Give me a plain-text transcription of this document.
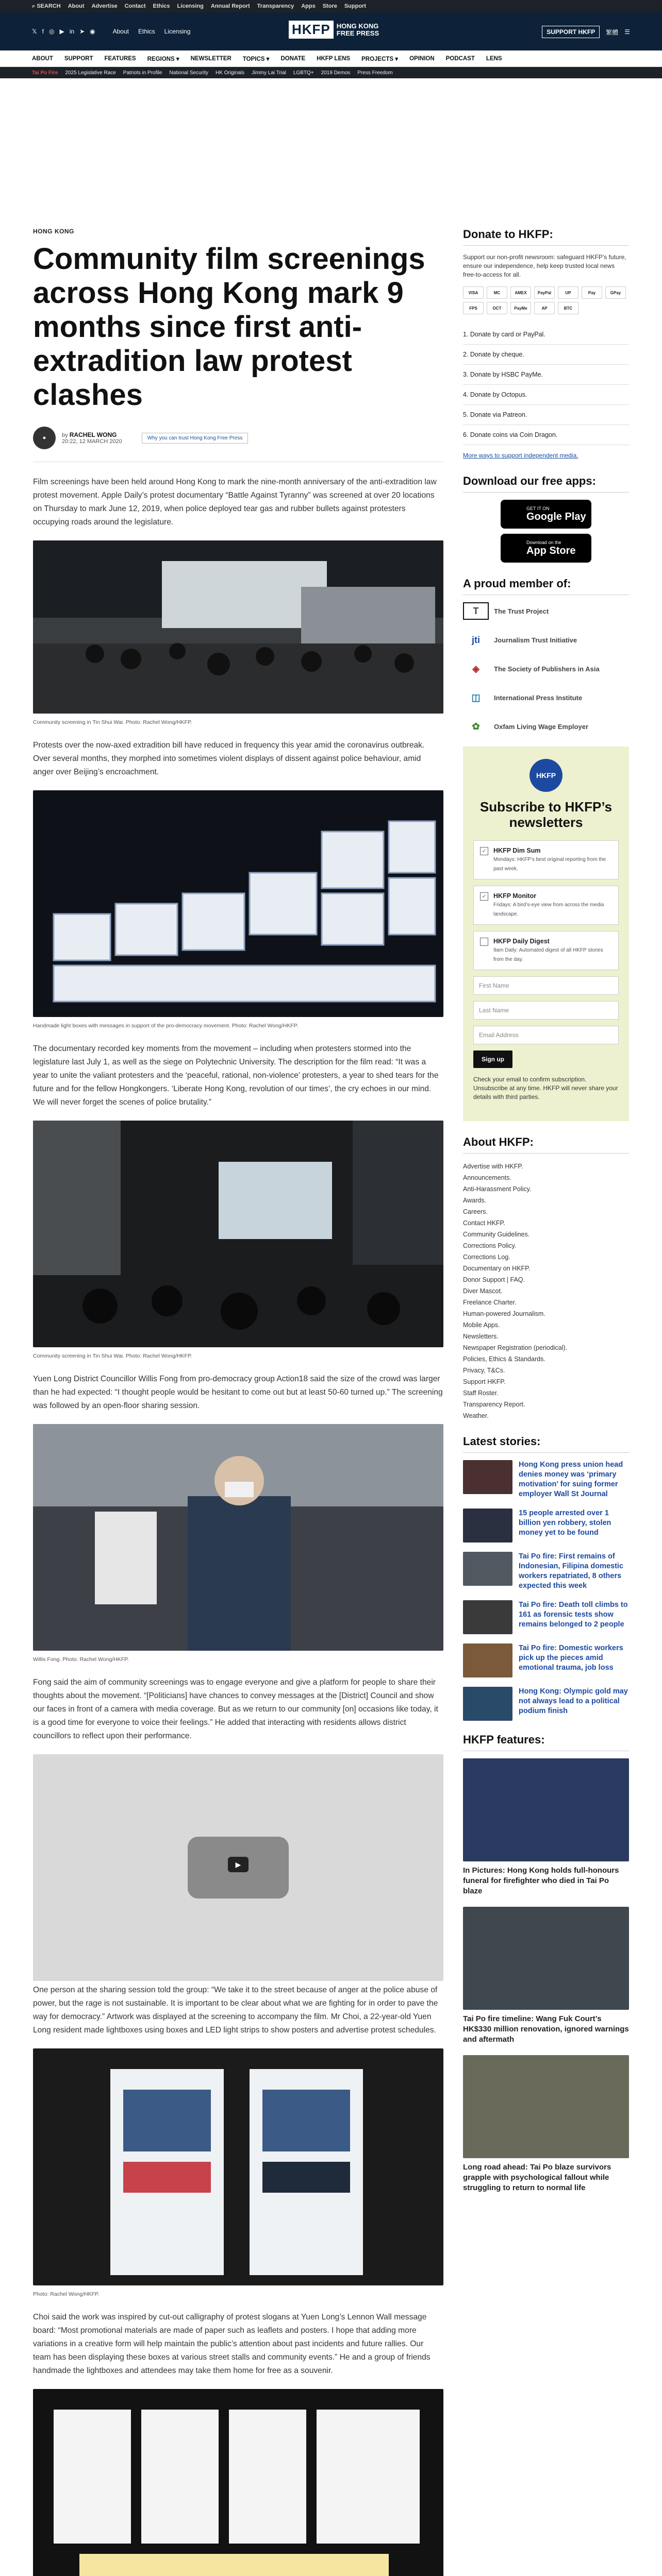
⌕ SEARCH About Advertise Contact Ethics Licensing Annual Report Transparency Apps Store Support
𝕏 f ◎ ▶ in ➤ ◉	About Ethics Licensing	HKFP HONG KONG
FREE PRESS	SUPPORT HKFP	繁體 ☰
ABOUT SUPPORT FEATURES REGIONS ▾ NEWSLETTER TOPICS ▾ DONATE HKFP LENS PROJECTS ▾ OPINION PODCAST LENS
Tai Po Fire 2025 Legislative Race Patriots in Profile National Security HK Originals Jimmy Lai Trial LGBTQ+ 2019 Demos Press Freedom
HONG KONG
Community film screenings across Hong Kong mark 9 months since first anti-extradition law protest clashes
●	by RACHEL WONG
20:22, 12 MARCH 2020
Why you can trust Hong Kong Free Press

Film screenings have been held around Hong Kong to mark the nine-month anniversary of the anti-extradition law protest movement. Apple Daily’s protest documentary “Battle Against Tyranny” was screened at over 20 locations on Thursday to mark June 12, 2019, when police deployed tear gas and rubber bullets against protesters occupying roads around the legislature.

Community screening in Tin Shui Wai. Photo: Rachel Wong/HKFP.

Protests over the now-axed extradition bill have reduced in frequency this year amid the coronavirus outbreak. Over several months, they morphed into sometimes violent displays of dissent against police behaviour, amid anger over Beijing’s encroachment.

Handmade light boxes with messages in support of the pro-democracy movement. Photo: Rachel Wong/HKFP.

The documentary recorded key moments from the movement – including when protesters stormed into the legislature last July 1, as well as the siege on Polytechnic University. The description for the film read: “It was a year to unite the valiant protesters and the ‘peaceful, rational, non-violence’ protesters, a year to shed tears for the future and for the fellow Hongkongers. ‘Liberate Hong Kong, revolution of our times’, the cry echoes in our mind. We will never forget the scenes of police brutality.”

Community screening in Tin Shui Wai. Photo: Rachel Wong/HKFP.

Yuen Long District Councillor Willis Fong from pro-democracy group Action18 said the size of the crowd was larger than he had expected: “I thought people would be hesitant to come out but at least 50-60 turned up.” The screening was followed by an open-floor sharing session.

Willis Fong. Photo: Rachel Wong/HKFP.

Fong said the aim of community screenings was to engage everyone and give a platform for people to share their thoughts about the movement. “[Politicians] have chances to convey messages at the [District] Council and show our faces in front of a camera with media coverage. But as we return to our community [on] occasions like today, it is a good time for everyone to voice their feelings.” He added that interacting with residents allows district councillors to reflect upon their performance.

▶

One person at the sharing session told the group: “We take it to the street because of anger at the police abuse of power, but the rage is not sustainable. It is important to be clear about what we are fighting for in order to pave the way for democracy.” Artwork was displayed at the screening to accompany the film. Mr Choi, a 22-year-old Yuen Long resident made lightboxes using boxes and LED light strips to show posters and advertise protest schedules.

Photo: Rachel Wong/HKFP.

Choi said the work was inspired by cut-out calligraphy of protest slogans at Yuen Long’s Lennon Wall message board: “Most promotional materials are made of paper such as leaflets and posters. I hope that adding more variations in a creative form will help maintain the public’s attention about past incidents and future rallies. Our team has been displaying these boxes at various street stalls and community events.” He and a group of friends handmade the lightboxes and attendees may take them home for free as a souvenir.

Donate to HKFP:
Support our non-profit newsroom: safeguard HKFP’s future, ensure our independence, help keep trusted local news free-to-access for all.
VISA	MC	AMEX	PayPal	UP	Pay	GPay
FPS	OCT	PayMe	AP	BTC
1. Donate by card or PayPal.
2. Donate by cheque.
3. Donate by HSBC PayMe.
4. Donate by Octopus.
5. Donate via Patreon.
6. Donate coins via Coin Dragon.
More ways to support independent media.
Download our free apps:
GET IT ON
Google Play
Download on the
App Store
A proud member of:
T	The Trust Project
jti	Journalism Trust Initiative
◈	The Society of Publishers in Asia
◫	International Press Institute
✿	Oxfam Living Wage Employer
HKFP
Subscribe to HKFP’s newsletters
✓	HKFP Dim Sum
Mondays: HKFP’s best original reporting from the past week.
✓	HKFP Monitor
Fridays: A bird’s-eye view from across the media landscape.
HKFP Daily Digest
9am Daily: Automated digest of all HKFP stories from the day.
First Name
Last Name
Email Address
Sign up
Check your email to confirm subscription. Unsubscribe at any time. HKFP will never share your details with third parties.
About HKFP:
Advertise with HKFP.
Announcements.
Anti-Harassment Policy.
Awards.
Careers.
Contact HKFP.
Community Guidelines.
Corrections Policy.
Corrections Log.
Documentary on HKFP.
Donor Support | FAQ.
Diver Mascot.
Freelance Charter.
Human-powered Journalism.
Mobile Apps.
Newsletters.
Newspaper Registration (periodical).
Policies, Ethics & Standards.
Privacy, T&Cs.
Support HKFP.
Staff Roster.
Transparency Report.
Weather.
Latest stories:
Hong Kong press union head denies money was ‘primary motivation’ for suing former employer Wall St Journal
15 people arrested over 1 billion yen robbery, stolen money yet to be found
Tai Po fire: First remains of Indonesian, Filipina domestic workers repatriated, 8 others expected this week
Tai Po fire: Death toll climbs to 161 as forensic tests show remains belonged to 2 people
Tai Po fire: Domestic workers pick up the pieces amid emotional trauma, job loss
Hong Kong: Olympic gold may not always lead to a political podium finish
HKFP features:
In Pictures: Hong Kong holds full-honours funeral for firefighter who died in Tai Po blaze
Tai Po fire timeline: Wang Fuk Court’s HK$330 million renovation, ignored warnings and aftermath
Long road ahead: Tai Po blaze survivors grapple with psychological fallout while struggling to return to normal life
